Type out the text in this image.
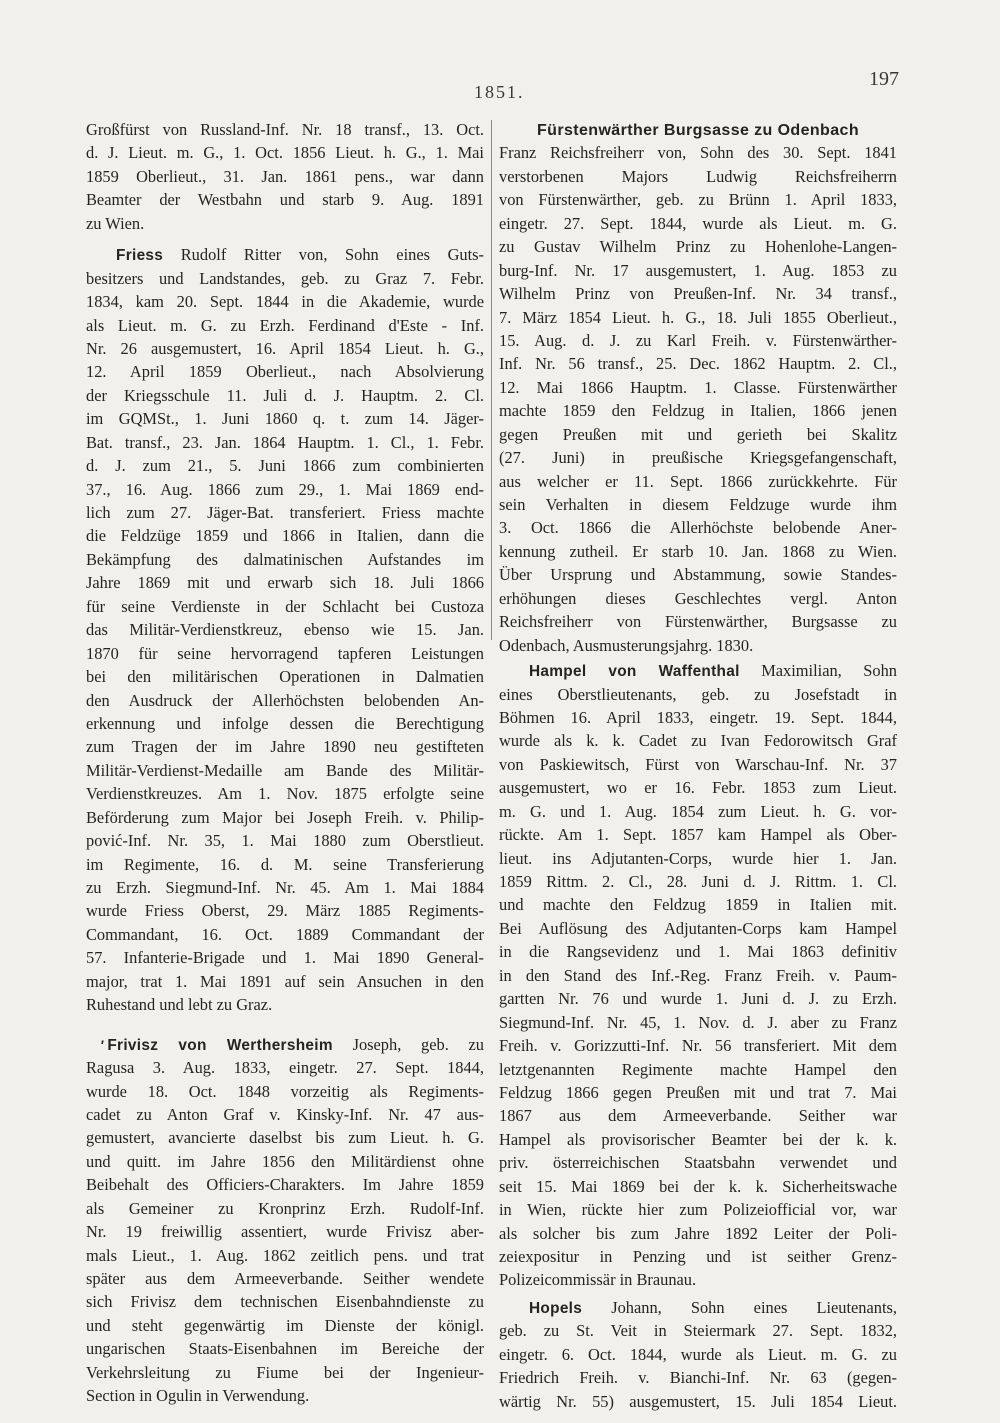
1851.
197
Großfürst von Russland-Inf. Nr. 18 transf., 13. Oct.
d. J. Lieut. m. G., 1. Oct. 1856 Lieut. h. G., 1. Mai
1859 Oberlieut., 31. Jan. 1861 pens., war dann
Beamter der Westbahn und starb 9. Aug. 1891
zu Wien.
Friess Rudolf Ritter von, Sohn eines Guts-
besitzers und Landstandes, geb. zu Graz 7. Febr.
1834, kam 20. Sept. 1844 in die Akademie, wurde
als Lieut. m. G. zu Erzh. Ferdinand d'Este - Inf.
Nr. 26 ausgemustert, 16. April 1854 Lieut. h. G.,
12. April 1859 Oberlieut., nach Absolvierung
der Kriegsschule 11. Juli d. J. Hauptm. 2. Cl.
im GQMSt., 1. Juni 1860 q. t. zum 14. Jäger-
Bat. transf., 23. Jan. 1864 Hauptm. 1. Cl., 1. Febr.
d. J. zum 21., 5. Juni 1866 zum combinierten
37., 16. Aug. 1866 zum 29., 1. Mai 1869 end-
lich zum 27. Jäger-Bat. transferiert. Friess machte
die Feldzüge 1859 und 1866 in Italien, dann die
Bekämpfung des dalmatinischen Aufstandes im
Jahre 1869 mit und erwarb sich 18. Juli 1866
für seine Verdienste in der Schlacht bei Custoza
das Militär-Verdienstkreuz, ebenso wie 15. Jan.
1870 für seine hervorragend tapferen Leistungen
bei den militärischen Operationen in Dalmatien
den Ausdruck der Allerhöchsten belobenden An-
erkennung und infolge dessen die Berechtigung
zum Tragen der im Jahre 1890 neu gestifteten
Militär-Verdienst-Medaille am Bande des Militär-
Verdienstkreuzes. Am 1. Nov. 1875 erfolgte seine
Beförderung zum Major bei Joseph Freih. v. Philip-
pović-Inf. Nr. 35, 1. Mai 1880 zum Oberstlieut.
im Regimente, 16. d. M. seine Transferierung
zu Erzh. Siegmund-Inf. Nr. 45. Am 1. Mai 1884
wurde Friess Oberst, 29. März 1885 Regiments-
Commandant, 16. Oct. 1889 Commandant der
57. Infanterie-Brigade und 1. Mai 1890 General-
major, trat 1. Mai 1891 auf sein Ansuchen in den
Ruhestand und lebt zu Graz.
' Frivisz von Werthersheim Joseph, geb. zu
Ragusa 3. Aug. 1833, eingetr. 27. Sept. 1844,
wurde 18. Oct. 1848 vorzeitig als Regiments-
cadet zu Anton Graf v. Kinsky-Inf. Nr. 47 aus-
gemustert, avancierte daselbst bis zum Lieut. h. G.
und quitt. im Jahre 1856 den Militärdienst ohne
Beibehalt des Officiers-Charakters. Im Jahre 1859
als Gemeiner zu Kronprinz Erzh. Rudolf-Inf.
Nr. 19 freiwillig assentiert, wurde Frivisz aber-
mals Lieut., 1. Aug. 1862 zeitlich pens. und trat
später aus dem Armeeverbande. Seither wendete
sich Frivisz dem technischen Eisenbahndienste zu
und steht gegenwärtig im Dienste der königl.
ungarischen Staats-Eisenbahnen im Bereiche der
Verkehrsleitung zu Fiume bei der Ingenieur-
Section in Ogulin in Verwendung.
Fürstenwärther Burgsasse zu Odenbach
Franz Reichsfreiherr von, Sohn des 30. Sept. 1841
verstorbenen Majors Ludwig Reichsfreiherrn
von Fürstenwärther, geb. zu Brünn 1. April 1833,
eingetr. 27. Sept. 1844, wurde als Lieut. m. G.
zu Gustav Wilhelm Prinz zu Hohenlohe-Langen-
burg-Inf. Nr. 17 ausgemustert, 1. Aug. 1853 zu
Wilhelm Prinz von Preußen-Inf. Nr. 34 transf.,
7. März 1854 Lieut. h. G., 18. Juli 1855 Oberlieut.,
15. Aug. d. J. zu Karl Freih. v. Fürstenwärther-
Inf. Nr. 56 transf., 25. Dec. 1862 Hauptm. 2. Cl.,
12. Mai 1866 Hauptm. 1. Classe. Fürstenwärther
machte 1859 den Feldzug in Italien, 1866 jenen
gegen Preußen mit und gerieth bei Skalitz
(27. Juni) in preußische Kriegsgefangenschaft,
aus welcher er 11. Sept. 1866 zurückkehrte. Für
sein Verhalten in diesem Feldzuge wurde ihm
3. Oct. 1866 die Allerhöchste belobende Aner-
kennung zutheil. Er starb 10. Jan. 1868 zu Wien.
Über Ursprung und Abstammung, sowie Standes-
erhöhungen dieses Geschlechtes vergl. Anton
Reichsfreiherr von Fürstenwärther, Burgsasse zu
Odenbach, Ausmusterungsjahrg. 1830.
Hampel von Waffenthal Maximilian, Sohn
eines Oberstlieutenants, geb. zu Josefstadt in
Böhmen 16. April 1833, eingetr. 19. Sept. 1844,
wurde als k. k. Cadet zu Ivan Fedorowitsch Graf
von Paskiewitsch, Fürst von Warschau-Inf. Nr. 37
ausgemustert, wo er 16. Febr. 1853 zum Lieut.
m. G. und 1. Aug. 1854 zum Lieut. h. G. vor-
rückte. Am 1. Sept. 1857 kam Hampel als Ober-
lieut. ins Adjutanten-Corps, wurde hier 1. Jan.
1859 Rittm. 2. Cl., 28. Juni d. J. Rittm. 1. Cl.
und machte den Feldzug 1859 in Italien mit.
Bei Auflösung des Adjutanten-Corps kam Hampel
in die Rangsevidenz und 1. Mai 1863 definitiv
in den Stand des Inf.-Reg. Franz Freih. v. Paum-
gartten Nr. 76 und wurde 1. Juni d. J. zu Erzh.
Siegmund-Inf. Nr. 45, 1. Nov. d. J. aber zu Franz
Freih. v. Gorizzutti-Inf. Nr. 56 transferiert. Mit dem
letztgenannten Regimente machte Hampel den
Feldzug 1866 gegen Preußen mit und trat 7. Mai
1867 aus dem Armeeverbande. Seither war
Hampel als provisorischer Beamter bei der k. k.
priv. österreichischen Staatsbahn verwendet und
seit 15. Mai 1869 bei der k. k. Sicherheitswache
in Wien, rückte hier zum Polizeiofficial vor, war
als solcher bis zum Jahre 1892 Leiter der Poli-
zeiexpositur in Penzing und ist seither Grenz-
Polizeicommissär in Braunau.
Hopels Johann, Sohn eines Lieutenants,
geb. zu St. Veit in Steiermark 27. Sept. 1832,
eingetr. 6. Oct. 1844, wurde als Lieut. m. G. zu
Friedrich Freih. v. Bianchi-Inf. Nr. 63 (gegen-
wärtig Nr. 55) ausgemustert, 15. Juli 1854 Lieut.
